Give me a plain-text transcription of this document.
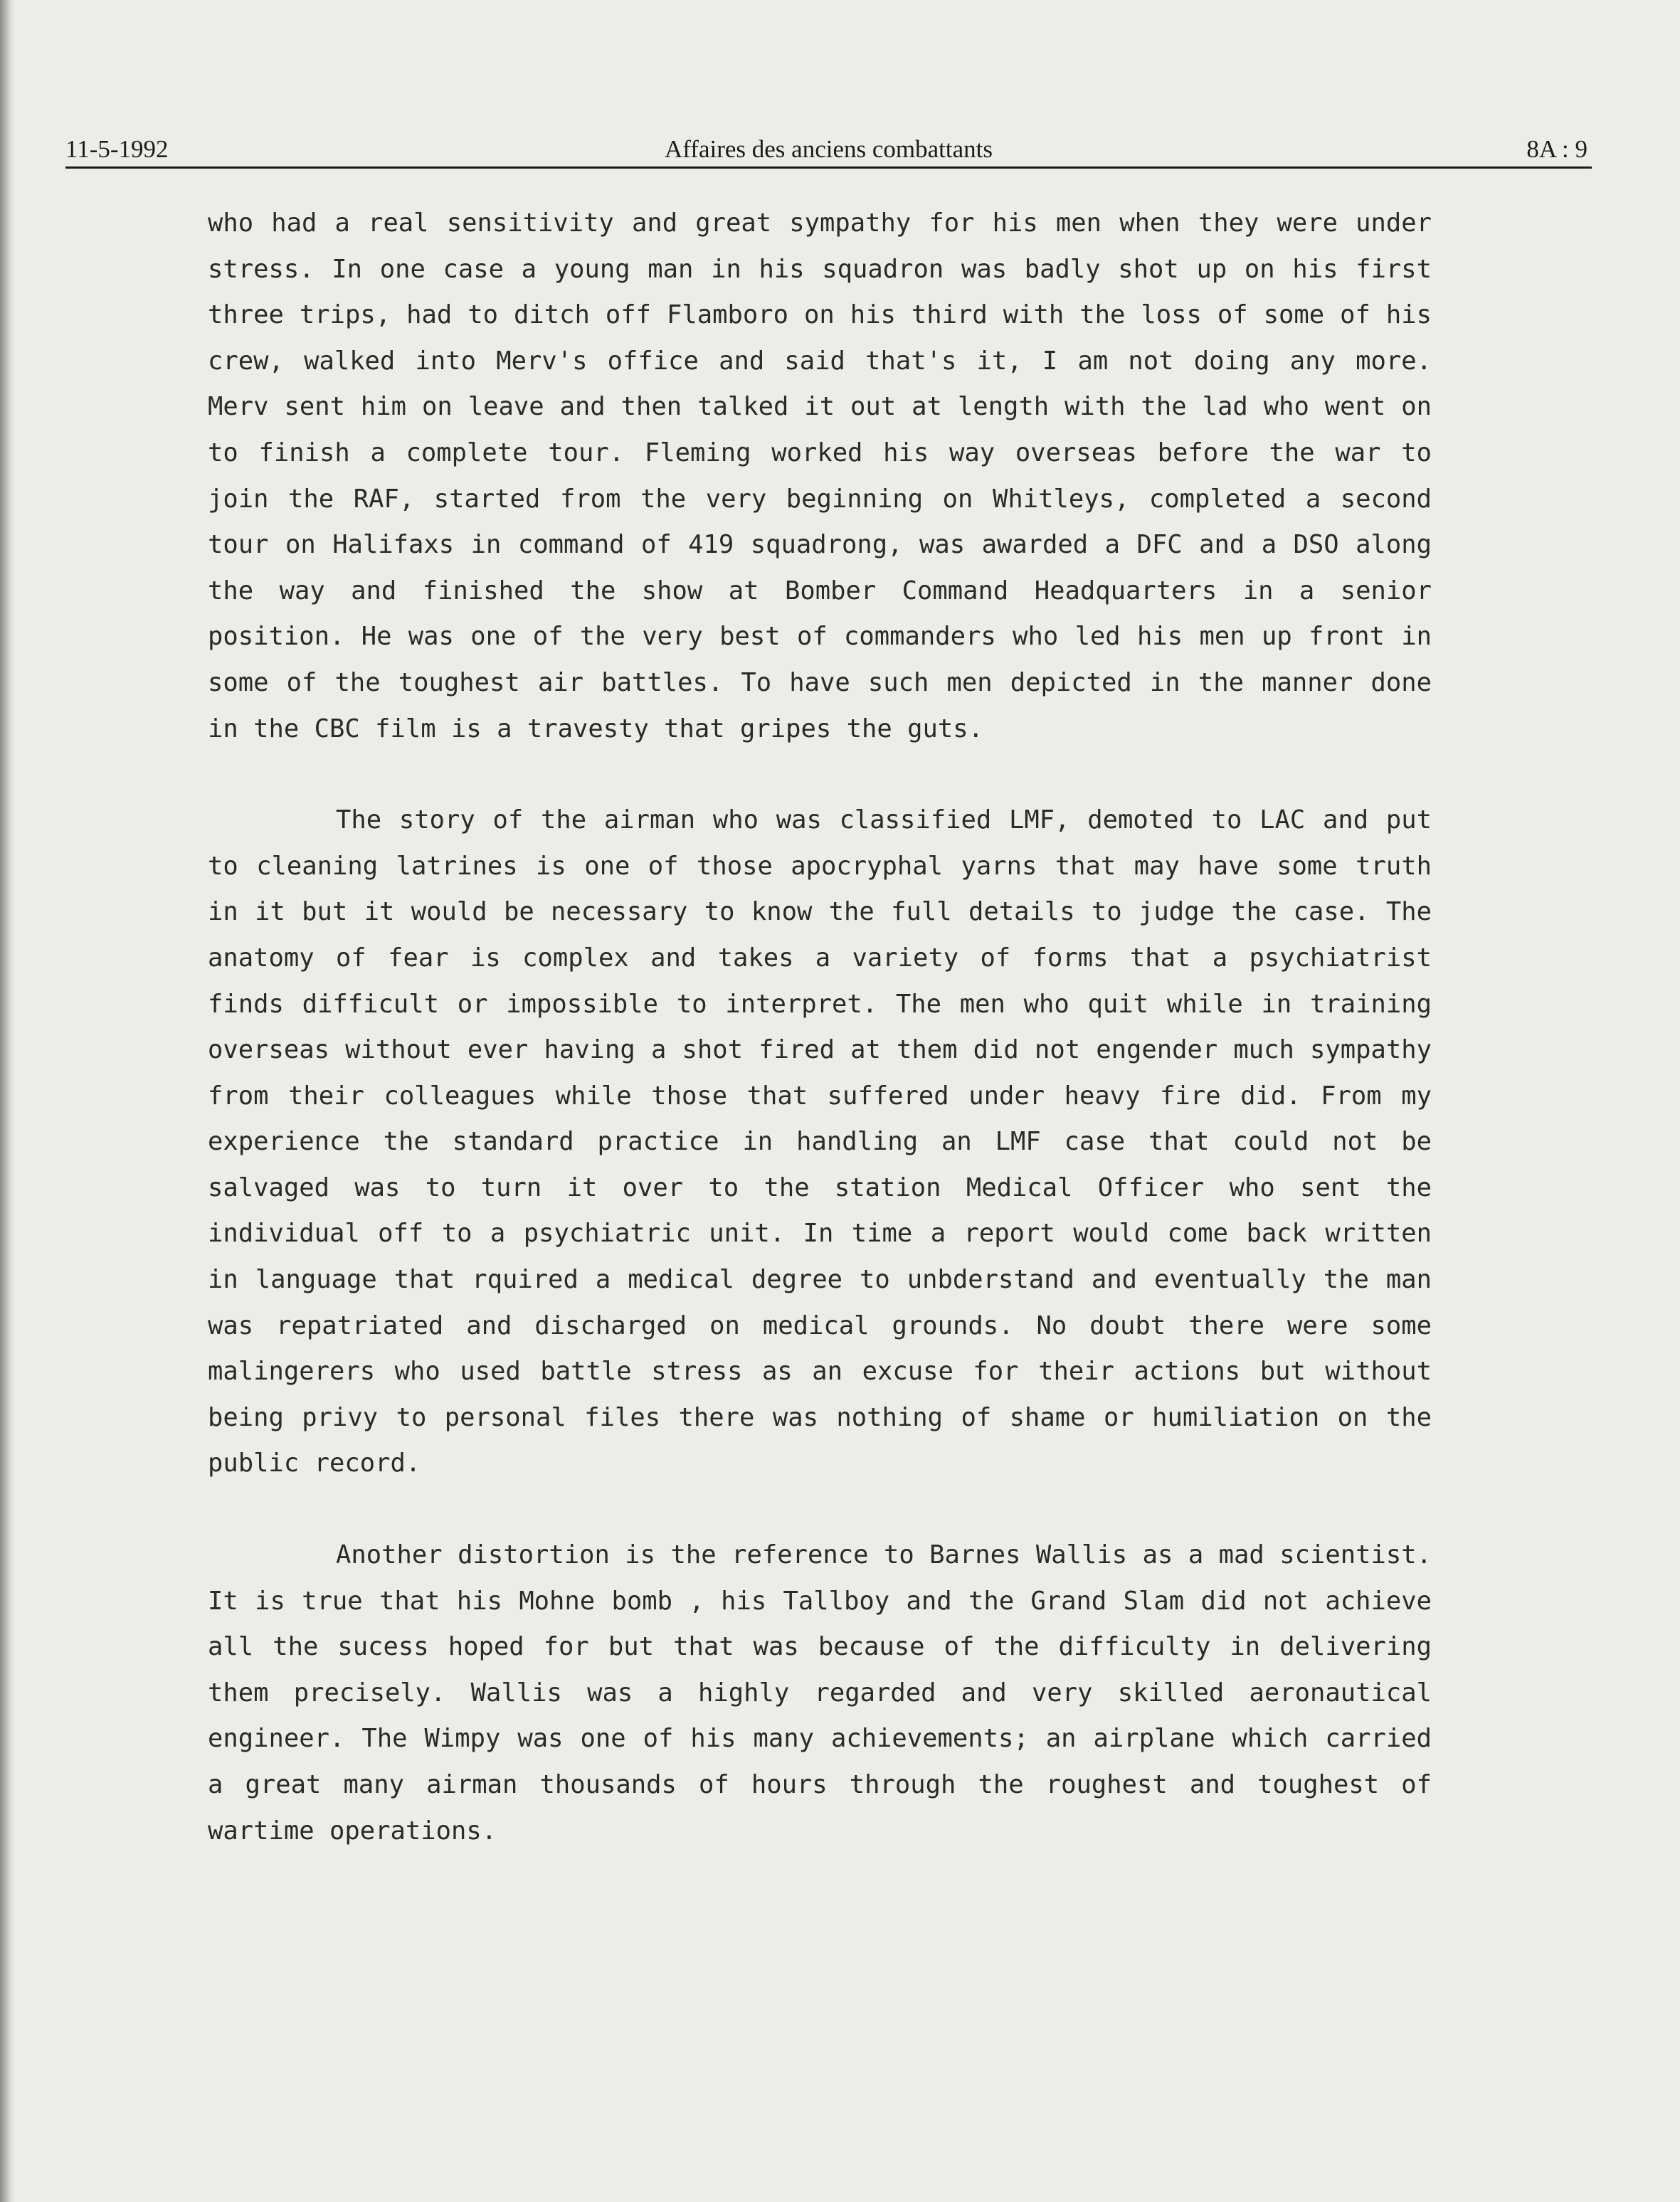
11-5-1992	Affaires des anciens combattants	8A : 9

who had a real sensitivity and great sympathy for his men when they were under stress. In one case a young man in his squadron was badly shot up on his first three trips, had to ditch off Flamboro on his third with the loss of some of his crew, walked into Merv's office and said that's it, I am not doing any more. Merv sent him on leave and then talked it out at length with the lad who went on to finish a complete tour. Fleming worked his way overseas before the war to join the RAF, started from the very beginning on Whitleys, completed a second tour on Halifaxs in command of 419 squadrong, was awarded a DFC and a DSO along the way and finished the show at Bomber Command Headquarters in a senior position. He was one of the very best of commanders who led his men up front in some of the toughest air battles. To have such men depicted in the manner done in the CBC film is a travesty that gripes the guts.

The story of the airman who was classified LMF, demoted to LAC and put to cleaning latrines is one of those apocryphal yarns that may have some truth in it but it would be necessary to know the full details to judge the case. The anatomy of fear is complex and takes a variety of forms that a psychiatrist finds difficult or impossible to interpret. The men who quit while in training overseas without ever having a shot fired at them did not engender much sympathy from their colleagues while those that suffered under heavy fire did. From my experience the standard practice in handling an LMF case that could not be salvaged was to turn it over to the station Medical Officer who sent the individual off to a psychiatric unit. In time a report would come back written in language that rquired a medical degree to unbderstand and eventually the man was repatriated and discharged on medical grounds. No doubt there were some malingerers who used battle stress as an excuse for their actions but without being privy to personal files there was nothing of shame or humiliation on the public record.

Another distortion is the reference to Barnes Wallis as a mad scientist. It is true that his Mohne bomb , his Tallboy and the Grand Slam did not achieve all the sucess hoped for but that was because of the difficulty in delivering them precisely. Wallis was a highly regarded and very skilled aeronautical engineer. The Wimpy was one of his many achievements; an airplane which carried a great many airman thousands of hours through the roughest and toughest of wartime operations.
